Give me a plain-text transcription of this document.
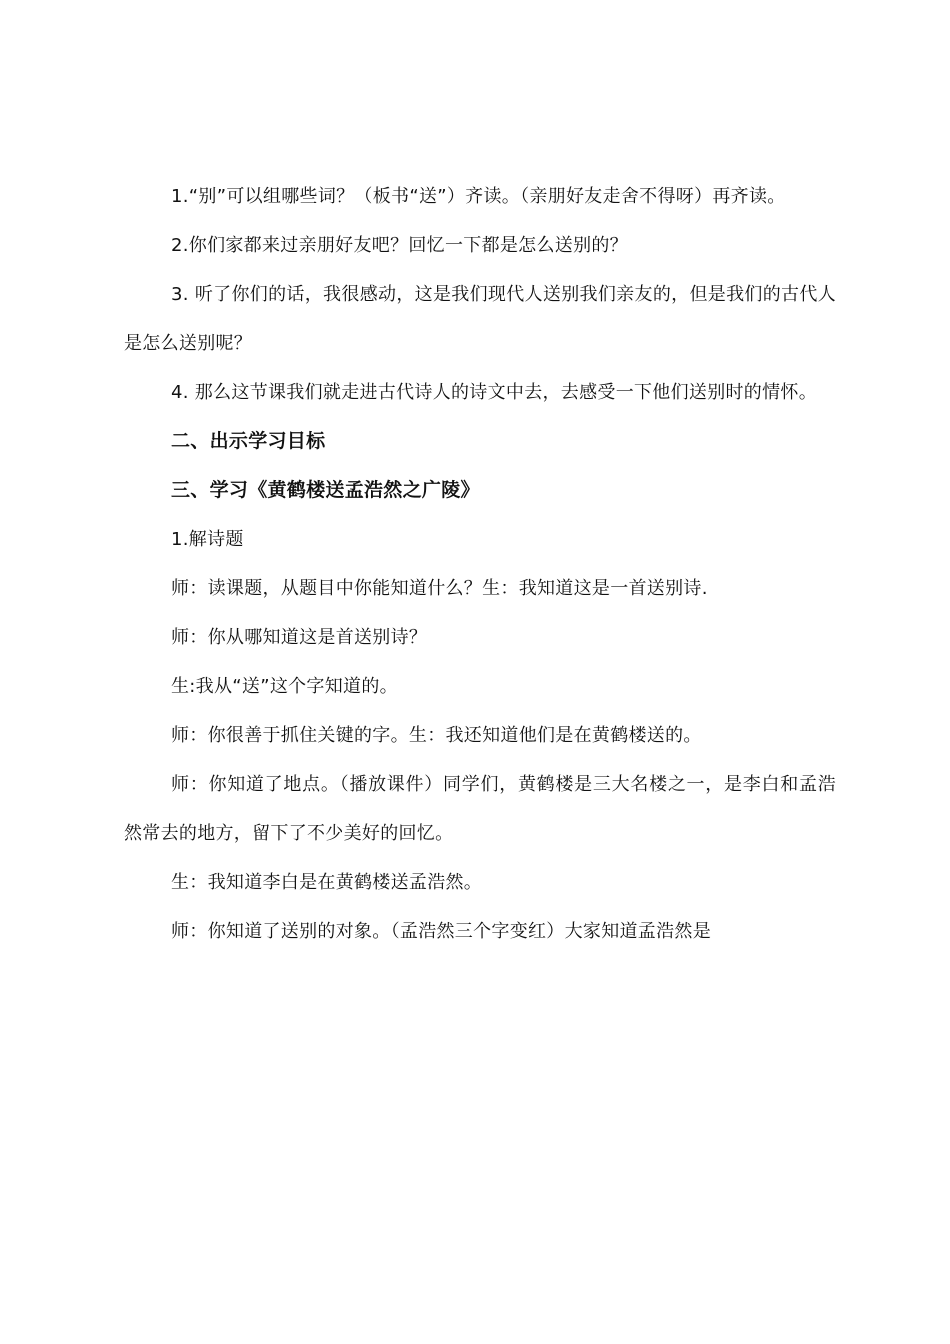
1.“别”可以组哪些词？（板书“送”）齐读。（亲朋好友走舍不得呀）再齐读。

2.你们家都来过亲朋好友吧？回忆一下都是怎么送别的？

3. 听了你们的话，我很感动，这是我们现代人送别我们亲友的，但是我们的古代人是怎么送别呢？

4. 那么这节课我们就走进古代诗人的诗文中去，去感受一下他们送别时的情怀。

二、出示学习目标

三、学习《黄鹤楼送孟浩然之广陵》

1.解诗题

师：读课题，从题目中你能知道什么？生：我知道这是一首送别诗.

师：你从哪知道这是首送别诗？

生:我从“送”这个字知道的。

师：你很善于抓住关键的字。生：我还知道他们是在黄鹤楼送的。

师：你知道了地点。（播放课件）同学们，黄鹤楼是三大名楼之一，是李白和孟浩然常去的地方，留下了不少美好的回忆。

生：我知道李白是在黄鹤楼送孟浩然。

师：你知道了送别的对象。（孟浩然三个字变红）大家知道孟浩然是
